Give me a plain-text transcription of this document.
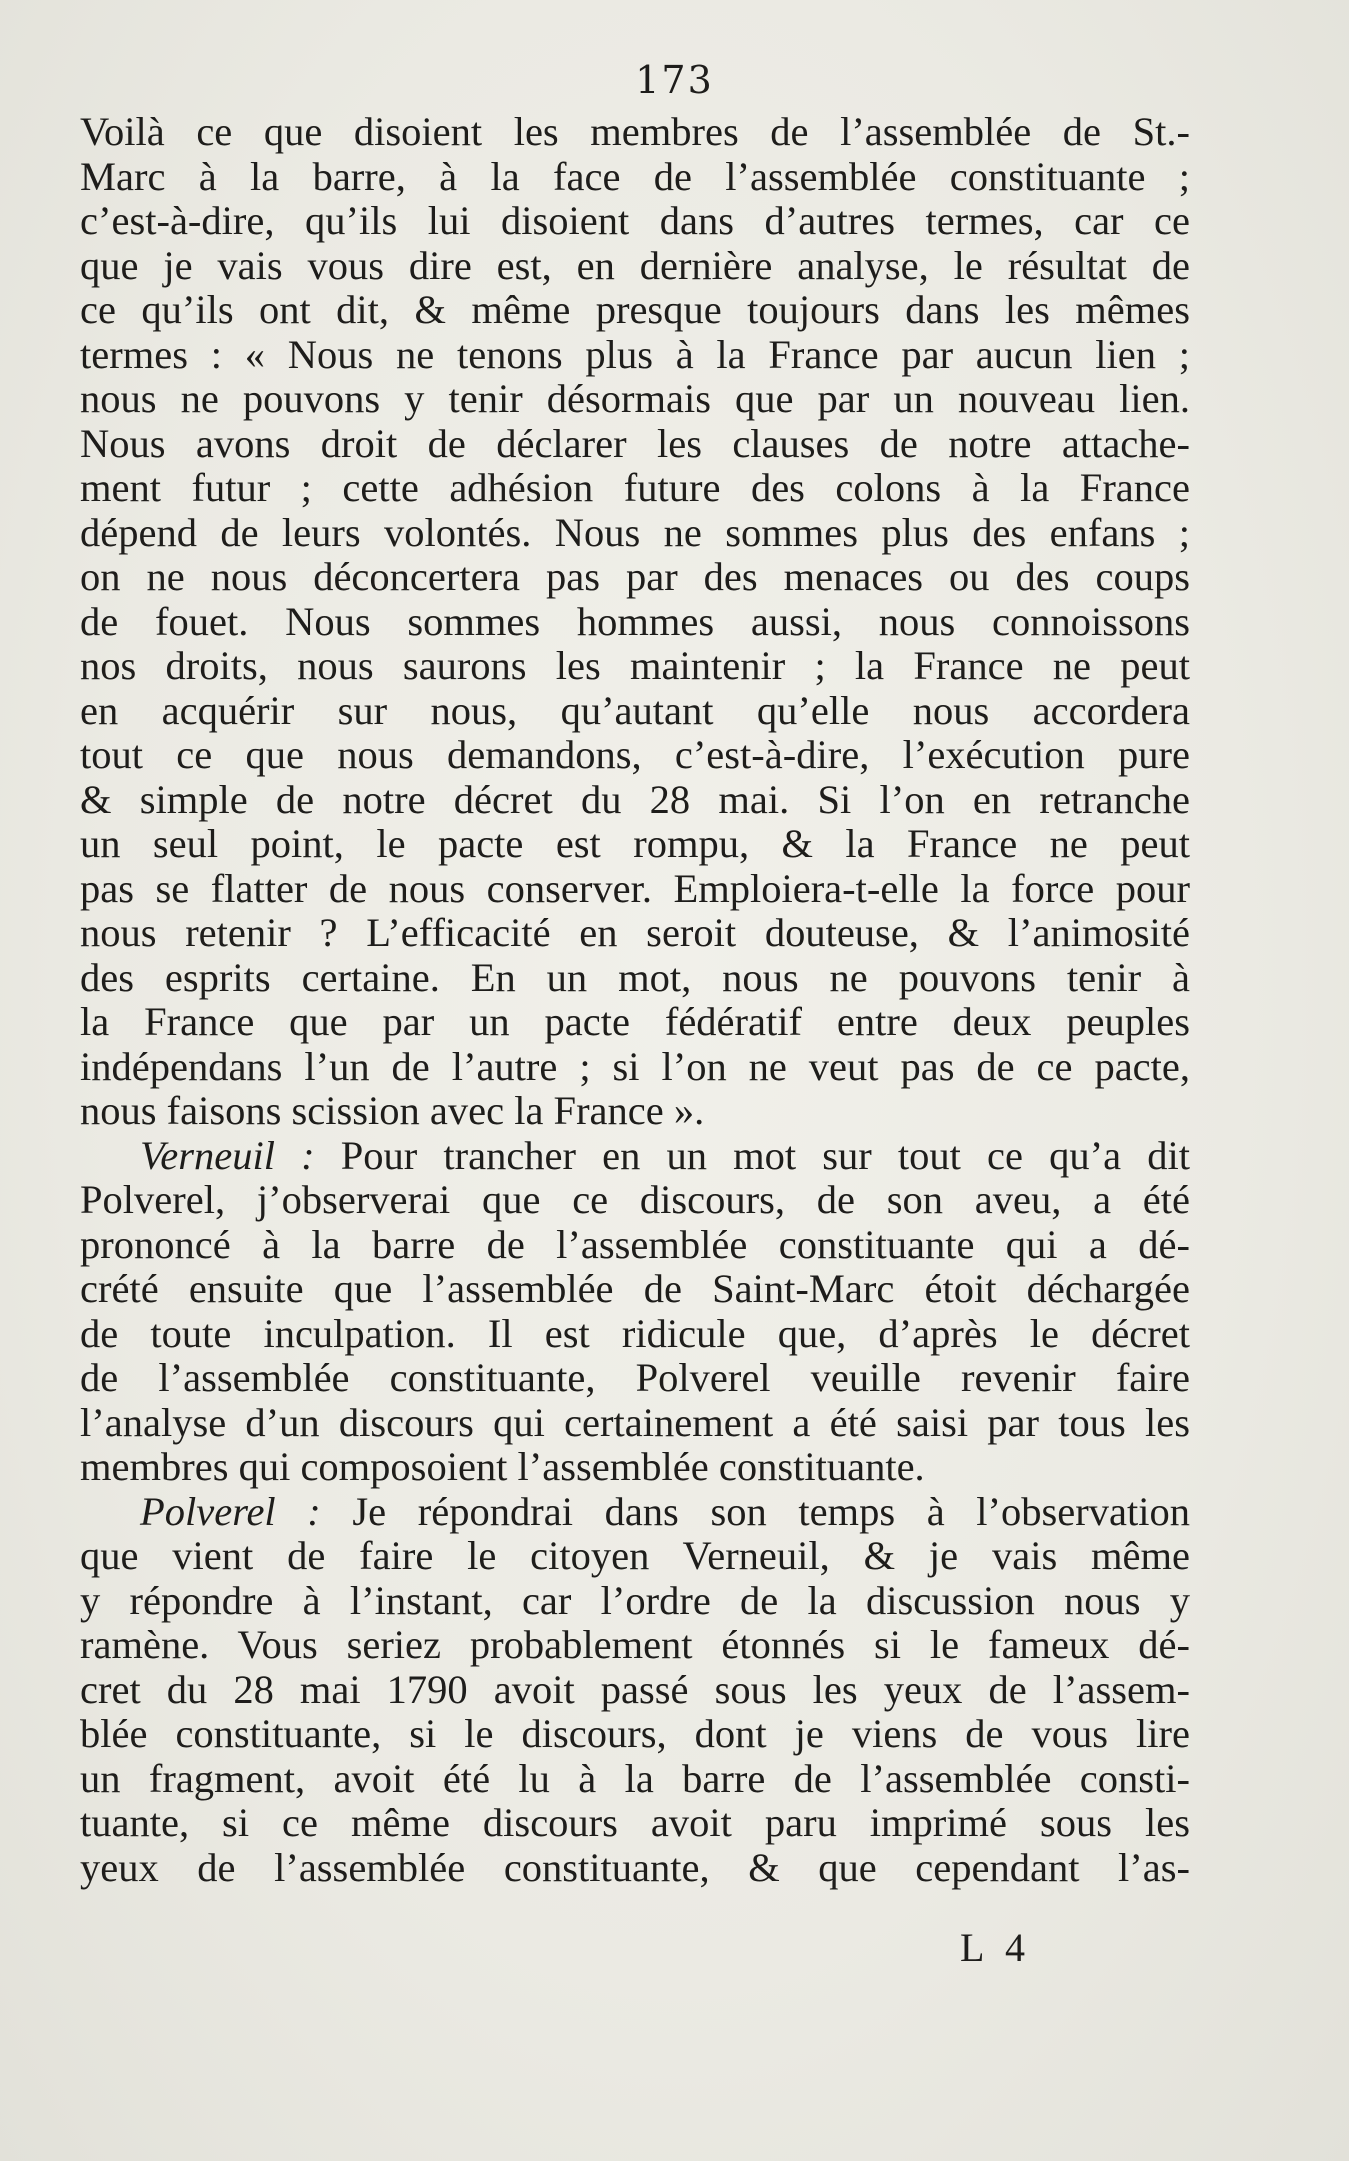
173
Voilà ce que disoient les membres de l’assemblée de St.-
Marc à la barre, à la face de l’assemblée constituante ;
c’est-à-dire, qu’ils lui disoient dans d’autres termes, car ce
que je vais vous dire est, en dernière analyse, le résultat de
ce qu’ils ont dit, & même presque toujours dans les mêmes
termes : « Nous ne tenons plus à la France par aucun lien ;
nous ne pouvons y tenir désormais que par un nouveau lien.
Nous avons droit de déclarer les clauses de notre attache-
ment futur ; cette adhésion future des colons à la France
dépend de leurs volontés. Nous ne sommes plus des enfans ;
on ne nous déconcertera pas par des menaces ou des coups
de fouet. Nous sommes hommes aussi, nous connoissons
nos droits, nous saurons les maintenir ; la France ne peut
en acquérir sur nous, qu’autant qu’elle nous accordera
tout ce que nous demandons, c’est-à-dire, l’exécution pure
& simple de notre décret du 28 mai. Si l’on en retranche
un seul point, le pacte est rompu, & la France ne peut
pas se flatter de nous conserver. Emploiera-t-elle la force pour
nous retenir ? L’efficacité en seroit douteuse, & l’animosité
des esprits certaine. En un mot, nous ne pouvons tenir à
la France que par un pacte fédératif entre deux peuples
indépendans l’un de l’autre ; si l’on ne veut pas de ce pacte,
nous faisons scission avec la France ».
Verneuil : Pour trancher en un mot sur tout ce qu’a dit
Polverel, j’observerai que ce discours, de son aveu, a été
prononcé à la barre de l’assemblée constituante qui a dé-
crété ensuite que l’assemblée de Saint-Marc étoit déchargée
de toute inculpation. Il est ridicule que, d’après le décret
de l’assemblée constituante, Polverel veuille revenir faire
l’analyse d’un discours qui certainement a été saisi par tous les
membres qui composoient l’assemblée constituante.
Polverel : Je répondrai dans son temps à l’observation
que vient de faire le citoyen Verneuil, & je vais même
y répondre à l’instant, car l’ordre de la discussion nous y
ramène. Vous seriez probablement étonnés si le fameux dé-
cret du 28 mai 1790 avoit passé sous les yeux de l’assem-
blée constituante, si le discours, dont je viens de vous lire
un fragment, avoit été lu à la barre de l’assemblée consti-
tuante, si ce même discours avoit paru imprimé sous les
yeux de l’assemblée constituante, & que cependant l’as-
L 4
